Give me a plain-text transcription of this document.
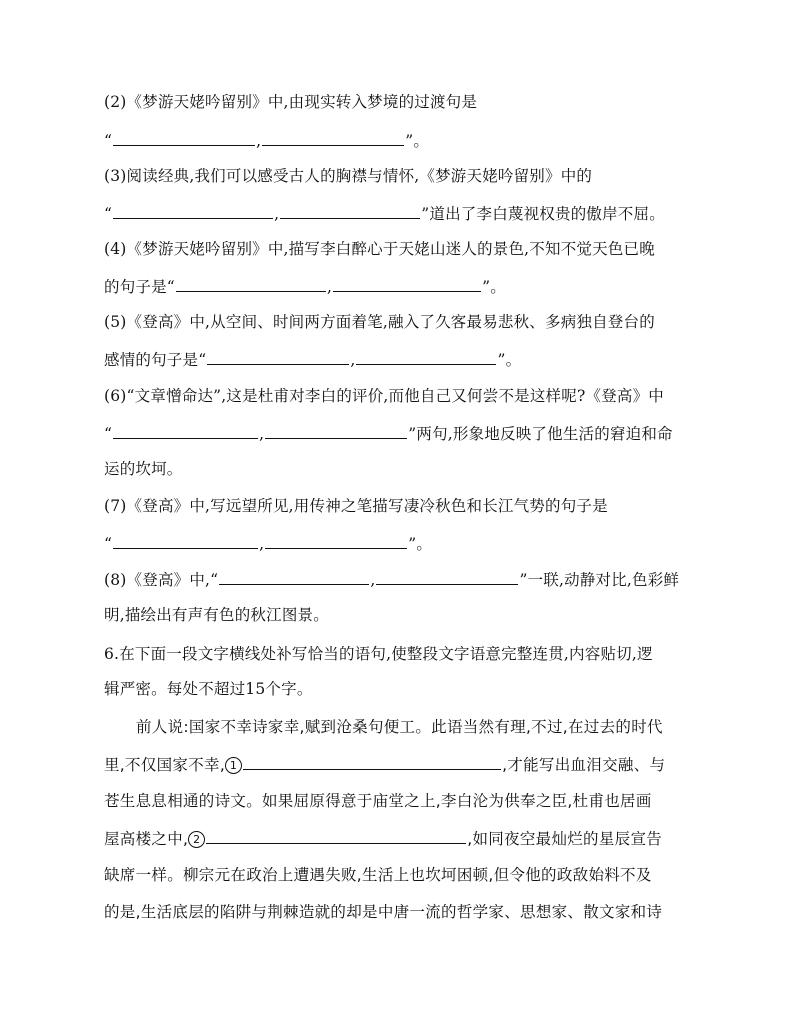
(2)《梦游天姥吟留别》中,由现实转入梦境的过渡句是
“	,	”。
(3)阅读经典,我们可以感受古人的胸襟与情怀,《梦游天姥吟留别》中的
“	,	”道出了李白蔑视权贵的傲岸不屈。
(4)《梦游天姥吟留别》中,描写李白醉心于天姥山迷人的景色,不知不觉天色已晚
的句子是“	,	”。
(5)《登高》中,从空间、时间两方面着笔,融入了久客最易悲秋、多病独自登台的
感情的句子是“	,	”。
(6)“文章憎命达”,这是杜甫对李白的评价,而他自己又何尝不是这样呢?《登高》中
“	,	”两句,形象地反映了他生活的窘迫和命
运的坎坷。
(7)《登高》中,写远望所见,用传神之笔描写凄冷秋色和长江气势的句子是
“	,	”。
(8)《登高》中,“	,	”一联,动静对比,色彩鲜
明,描绘出有声有色的秋江图景。
6.在下面一段文字横线处补写恰当的语句,使整段文字语意完整连贯,内容贴切,逻
辑严密。每处不超过15个字。
前人说:国家不幸诗家幸,赋到沧桑句便工。此语当然有理,不过,在过去的时代
里,不仅国家不幸, 1	,才能写出血泪交融、与
苍生息息相通的诗文。如果屈原得意于庙堂之上,李白沦为供奉之臣,杜甫也居画
屋高楼之中, 2	,如同夜空最灿烂的星辰宣告
缺席一样。柳宗元在政治上遭遇失败,生活上也坎坷困顿,但令他的政敌始料不及
的是,生活底层的陷阱与荆棘造就的却是中唐一流的哲学家、思想家、散文家和诗
